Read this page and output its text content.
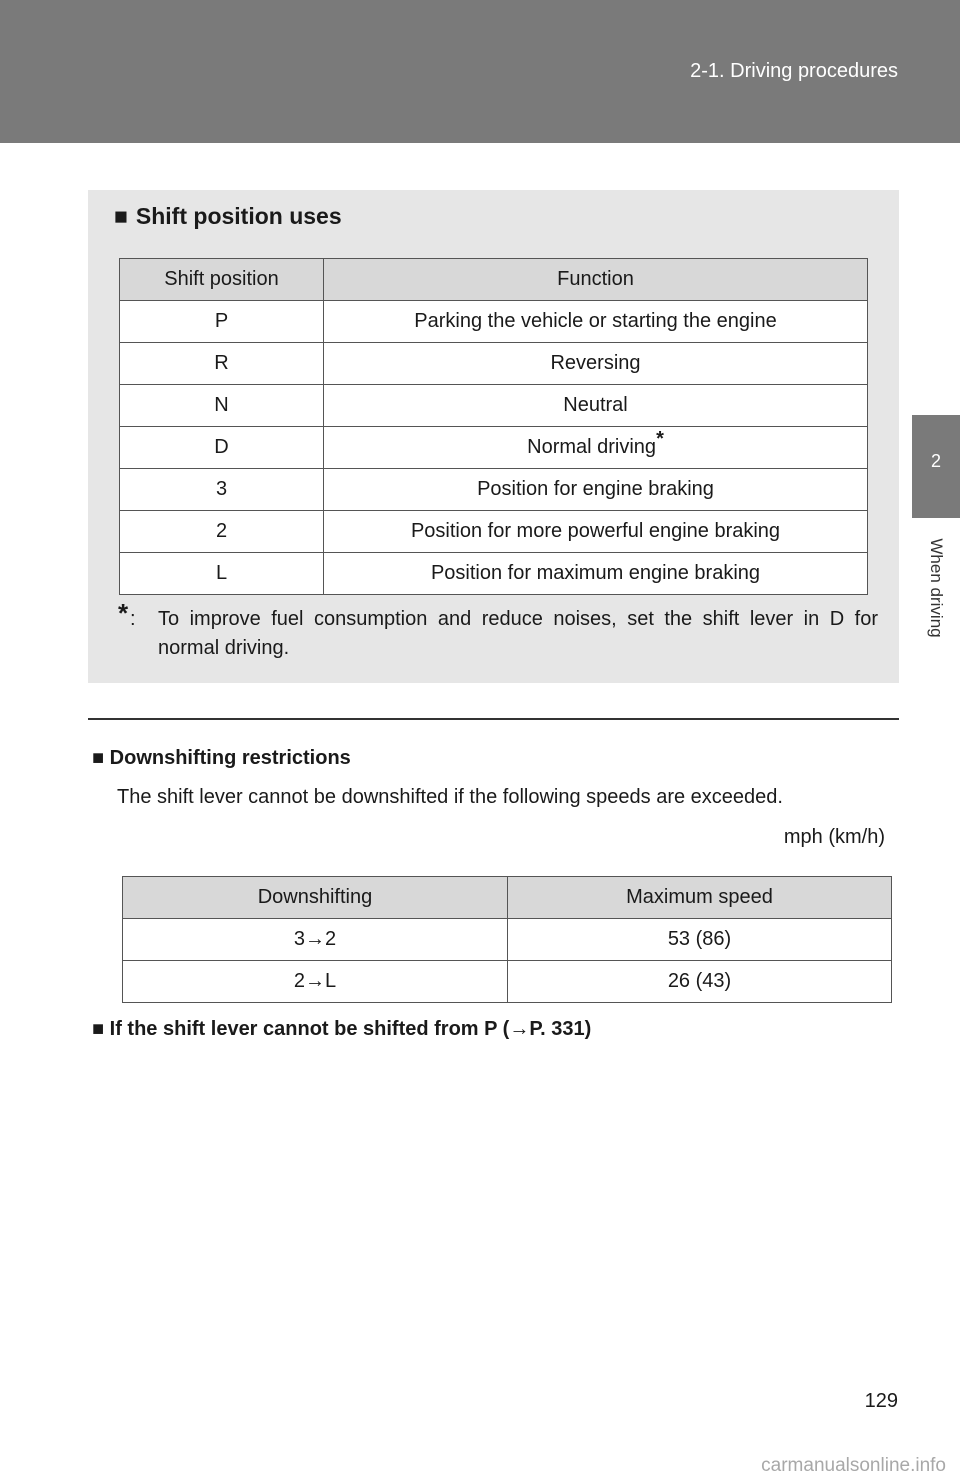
2-1. Driving procedures
2
When driving
■ Shift position uses
Shift position	Function
P	Parking the vehicle or starting the engine
R	Reversing
N	Neutral
D	Normal driving*
3	Position for engine braking
2	Position for more powerful engine braking
L	Position for maximum engine braking
* : To improve fuel consumption and reduce noises, set the shift lever in D for normal driving.
■ Downshifting restrictions
The shift lever cannot be downshifted if the following speeds are exceeded.
mph (km/h)
Downshifting	Maximum speed
3→2	53 (86)
2→L	26 (43)
■ If the shift lever cannot be shifted from P (→P. 331)
129
carmanualsonline.info
